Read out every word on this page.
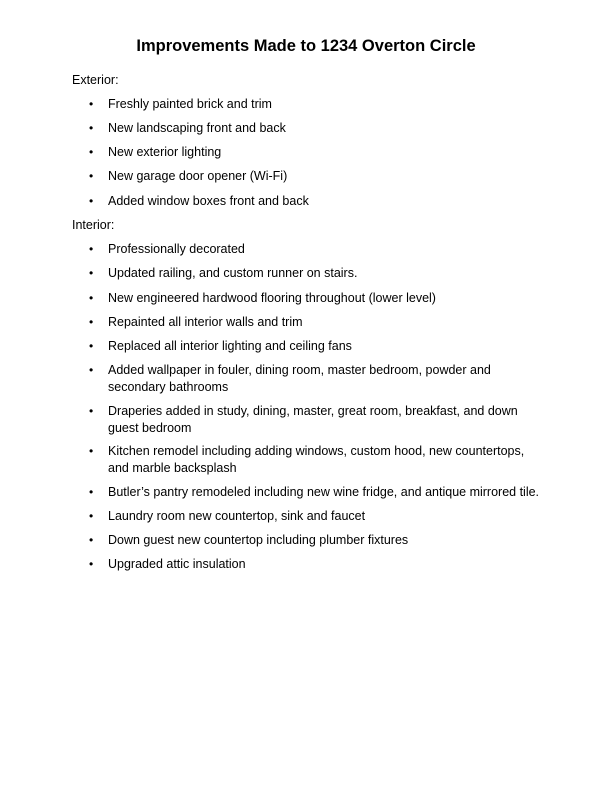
Improvements Made to 1234 Overton Circle
Exterior:
• Freshly painted brick and trim
• New landscaping front and back
• New exterior lighting
• New garage door opener (Wi-Fi)
• Added window boxes front and back
Interior:
• Professionally decorated
• Updated railing, and custom runner on stairs.
• New engineered hardwood flooring throughout (lower level)
• Repainted all interior walls and trim
• Replaced all interior lighting and ceiling fans
• Added wallpaper in fouler, dining room, master bedroom, powder and secondary bathrooms
• Draperies added in study, dining, master, great room, breakfast, and down guest bedroom
• Kitchen remodel including adding windows, custom hood, new countertops, and marble backsplash
• Butler’s pantry remodeled including new wine fridge, and antique mirrored tile.
• Laundry room new countertop, sink and faucet
• Down guest new countertop including plumber fixtures
• Upgraded attic insulation
